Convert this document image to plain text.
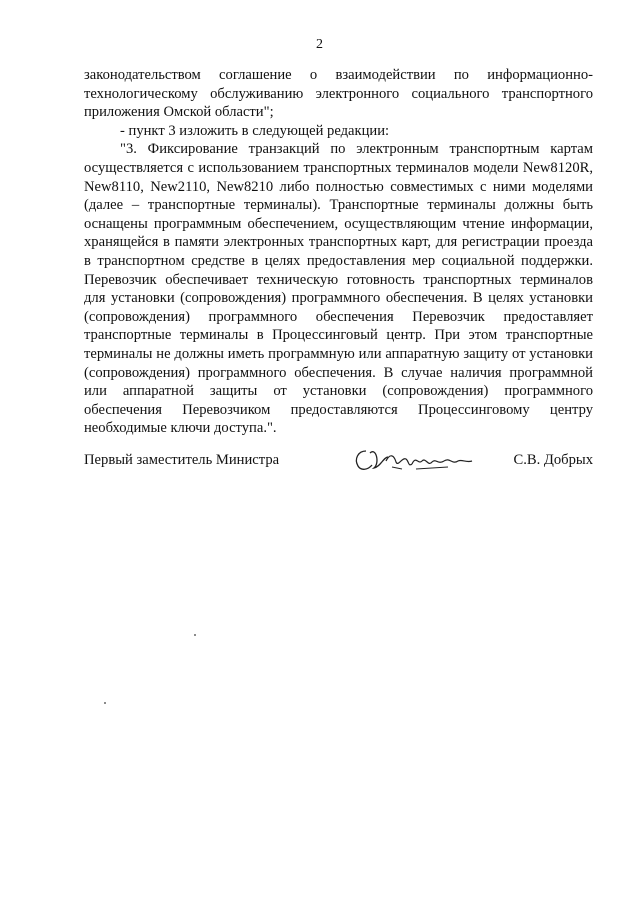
2

законодательством соглашение о взаимодействии по информационно-технологическому обслуживанию электронного социального транспортного приложения Омской области";

- пункт 3 изложить в следующей редакции:

"3. Фиксирование транзакций по электронным транспортным картам осуществляется с использованием транспортных терминалов модели New8120R, New8110, New2110, New8210 либо полностью совместимых с ними моделями (далее – транспортные терминалы). Транспортные терминалы должны быть оснащены программным обеспечением, осуществляющим чтение информации, хранящейся в памяти электронных транспортных карт, для регистрации проезда в транспортном средстве в целях предоставления мер социальной поддержки. Перевозчик обеспечивает техническую готовность транспортных терминалов для установки (сопровождения) программного обеспечения. В целях установки (сопровождения) программного обеспечения Перевозчик предоставляет транспортные терминалы в Процессинговый центр. При этом транспортные терминалы не должны иметь программную или аппаратную защиту от установки (сопровождения) программного обеспечения. В случае наличия программной или аппаратной защиты от установки (сопровождения) программного обеспечения Перевозчиком предоставляются Процессинговому центру необходимые ключи доступа.".

Первый заместитель Министра	С.В. Добрых
